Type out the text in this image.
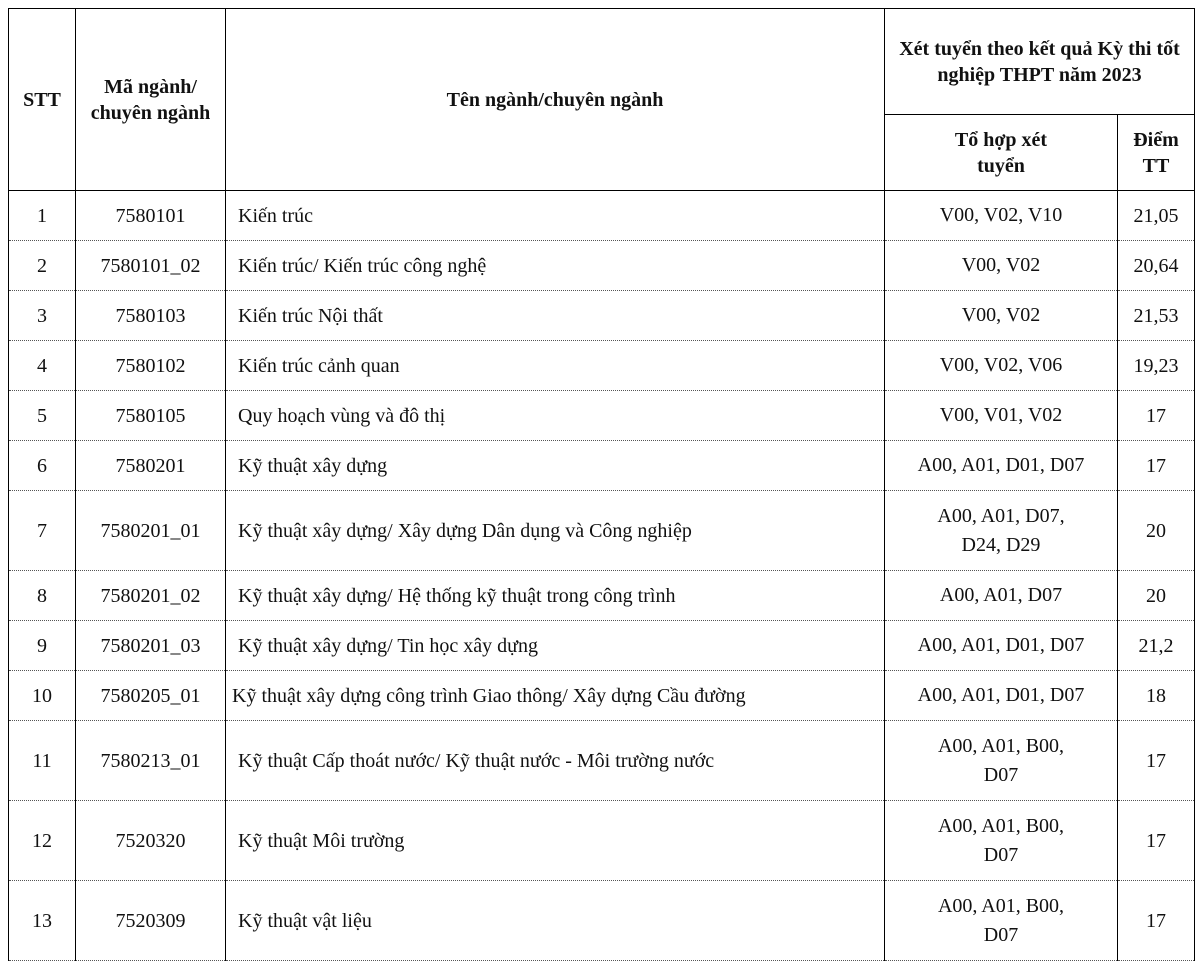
STT	Mã ngành/ chuyên ngành	Tên ngành/chuyên ngành	Xét tuyển theo kết quả Kỳ thi tốt nghiệp THPT năm 2023	
			Tổ hợp xét tuyển	Điểm TT
1	7580101	Kiến trúc	V00, V02, V10	21,05
2	7580101_02	Kiến trúc/ Kiến trúc công nghệ	V00, V02	20,64
3	7580103	Kiến trúc Nội thất	V00, V02	21,53
4	7580102	Kiến trúc cảnh quan	V00, V02, V06	19,23
5	7580105	Quy hoạch vùng và đô thị	V00, V01, V02	17
6	7580201	Kỹ thuật xây dựng	A00, A01, D01, D07	17
7	7580201_01	Kỹ thuật xây dựng/ Xây dựng Dân dụng và Công nghiệp	A00, A01, D07, D24, D29	20
8	7580201_02	Kỹ thuật xây dựng/ Hệ thống kỹ thuật trong công trình	A00, A01, D07	20
9	7580201_03	Kỹ thuật xây dựng/ Tin học xây dựng	A00, A01, D01, D07	21,2
10	7580205_01	Kỹ thuật xây dựng công trình Giao thông/ Xây dựng Cầu đường	A00, A01, D01, D07	18
11	7580213_01	Kỹ thuật Cấp thoát nước/ Kỹ thuật nước - Môi trường nước	A00, A01, B00, D07	17
12	7520320	Kỹ thuật Môi trường	A00, A01, B00, D07	17
13	7520309	Kỹ thuật vật liệu	A00, A01, B00, D07	17
